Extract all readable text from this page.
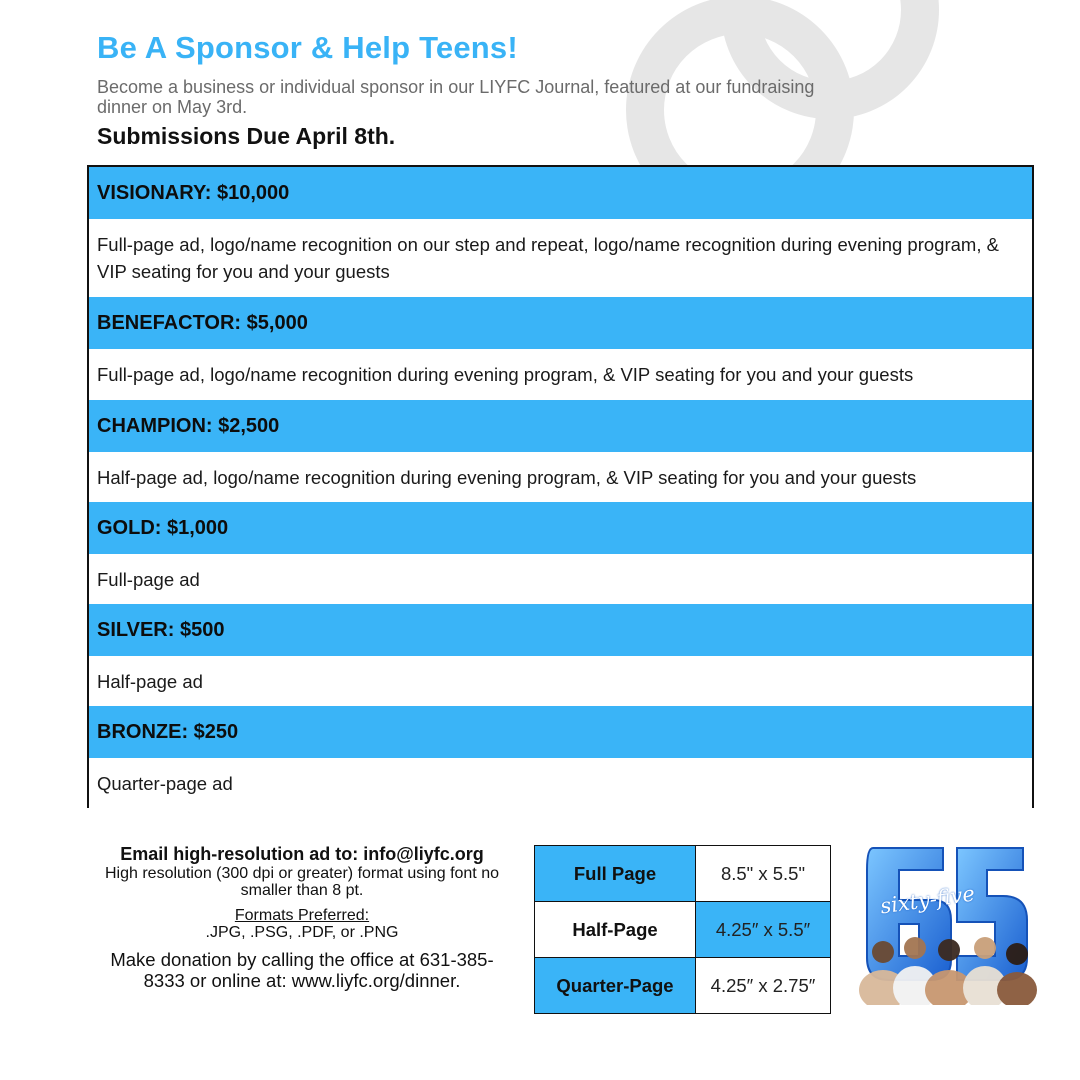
Be A Sponsor & Help Teens!
Become a business or individual sponsor in our LIYFC Journal, featured at our fundraising dinner on May 3rd.
Submissions Due April 8th.
VISIONARY: $10,000
Full-page ad, logo/name recognition on our step and repeat, logo/name recognition during evening program, & VIP seating for you and your guests
BENEFACTOR: $5,000
Full-page ad, logo/name recognition during evening program, & VIP seating for you and your guests
CHAMPION: $2,500
Half-page ad, logo/name recognition during evening program, & VIP seating for you and your guests
GOLD: $1,000
Full-page ad
SILVER: $500
Half-page ad
BRONZE: $250
Quarter-page ad
Email high-resolution ad to: info@liyfc.org
High resolution (300 dpi or greater) format using font no smaller than 8 pt.
Formats Preferred:
.JPG, .PSG, .PDF, or .PNG
Make donation by calling the office at 631-385-8333 or online at: www.liyfc.org/dinner.
Full Page	8.5" x 5.5"
Half-Page	4.25″ x 5.5″
Quarter-Page	4.25″ x 2.75″
sixty-five
